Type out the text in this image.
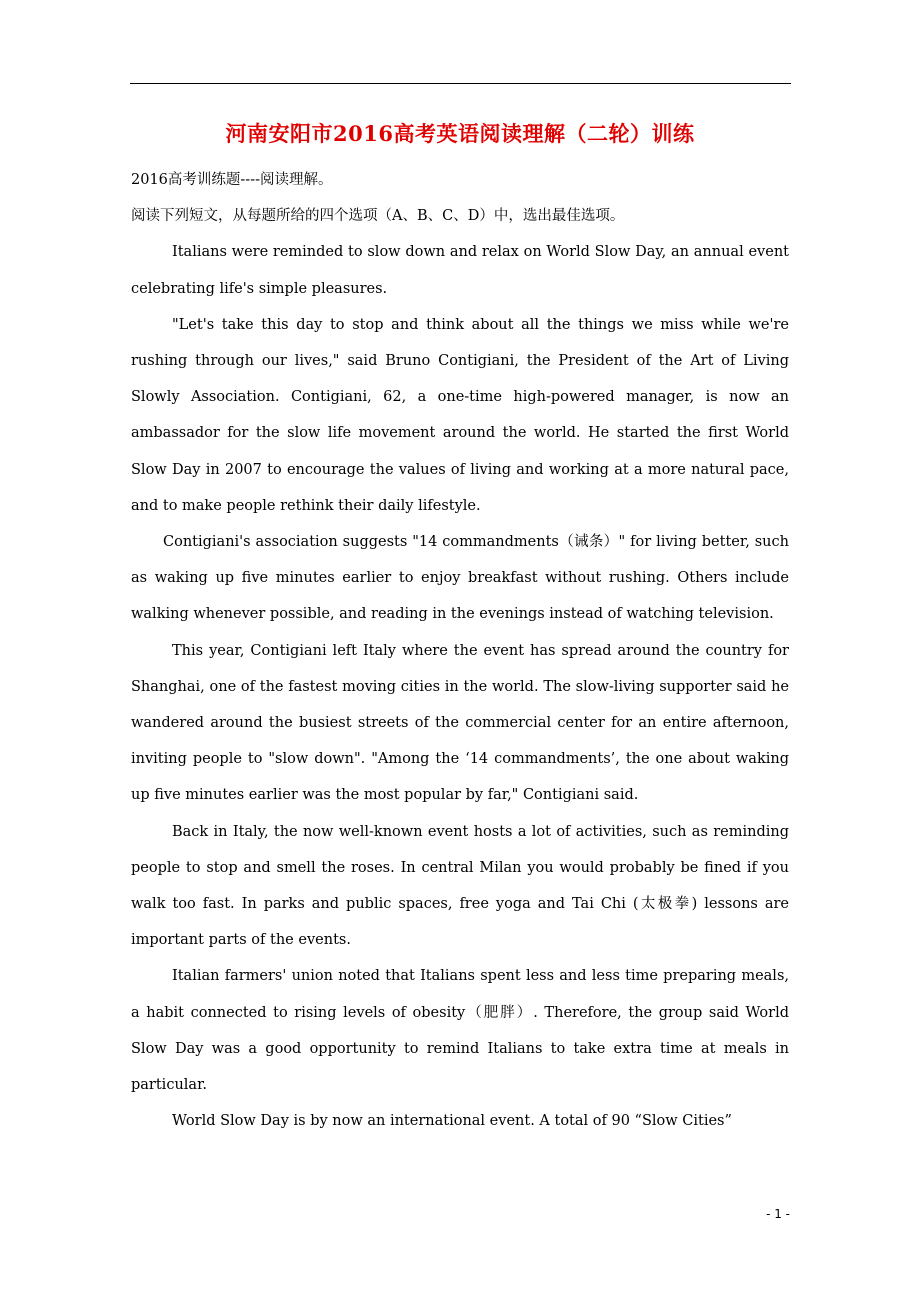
河南安阳市2016高考英语阅读理解（二轮）训练

2016高考训练题----阅读理解。

阅读下列短文，从每题所给的四个选项（A、B、C、D）中，选出最佳选项。

Italians were reminded to slow down and relax on World Slow Day, an annual event celebrating life's simple pleasures.

"Let's take this day to stop and think about all the things we miss while we're rushing through our lives," said Bruno Contigiani, the President of the Art of Living Slowly Association. Contigiani, 62, a one-time high-powered manager, is now an ambassador for the slow life movement around the world. He started the first World Slow Day in 2007 to encourage the values of living and working at a more natural pace, and to make people rethink their daily lifestyle.

Contigiani's association suggests "14 commandments（诫条）" for living better, such as waking up five minutes earlier to enjoy breakfast without rushing. Others include walking whenever possible, and reading in the evenings instead of watching television.

This year, Contigiani left Italy where the event has spread around the country for Shanghai, one of the fastest moving cities in the world. The slow-living supporter said he wandered around the busiest streets of the commercial center for an entire afternoon, inviting people to "slow down". "Among the ‘14 commandments’, the one about waking up five minutes earlier was the most popular by far," Contigiani said.

Back in Italy, the now well-known event hosts a lot of activities, such as reminding people to stop and smell the roses. In central Milan you would probably be fined if you walk too fast. In parks and public spaces, free yoga and Tai Chi (太极拳) lessons are important parts of the events.

Italian farmers' union noted that Italians spent less and less time preparing meals, a habit connected to rising levels of obesity（肥胖）. Therefore, the group said World Slow Day was a good opportunity to remind Italians to take extra time at meals in particular.

World Slow Day is by now an international event. A total of 90 “Slow Cities”

- 1 -
